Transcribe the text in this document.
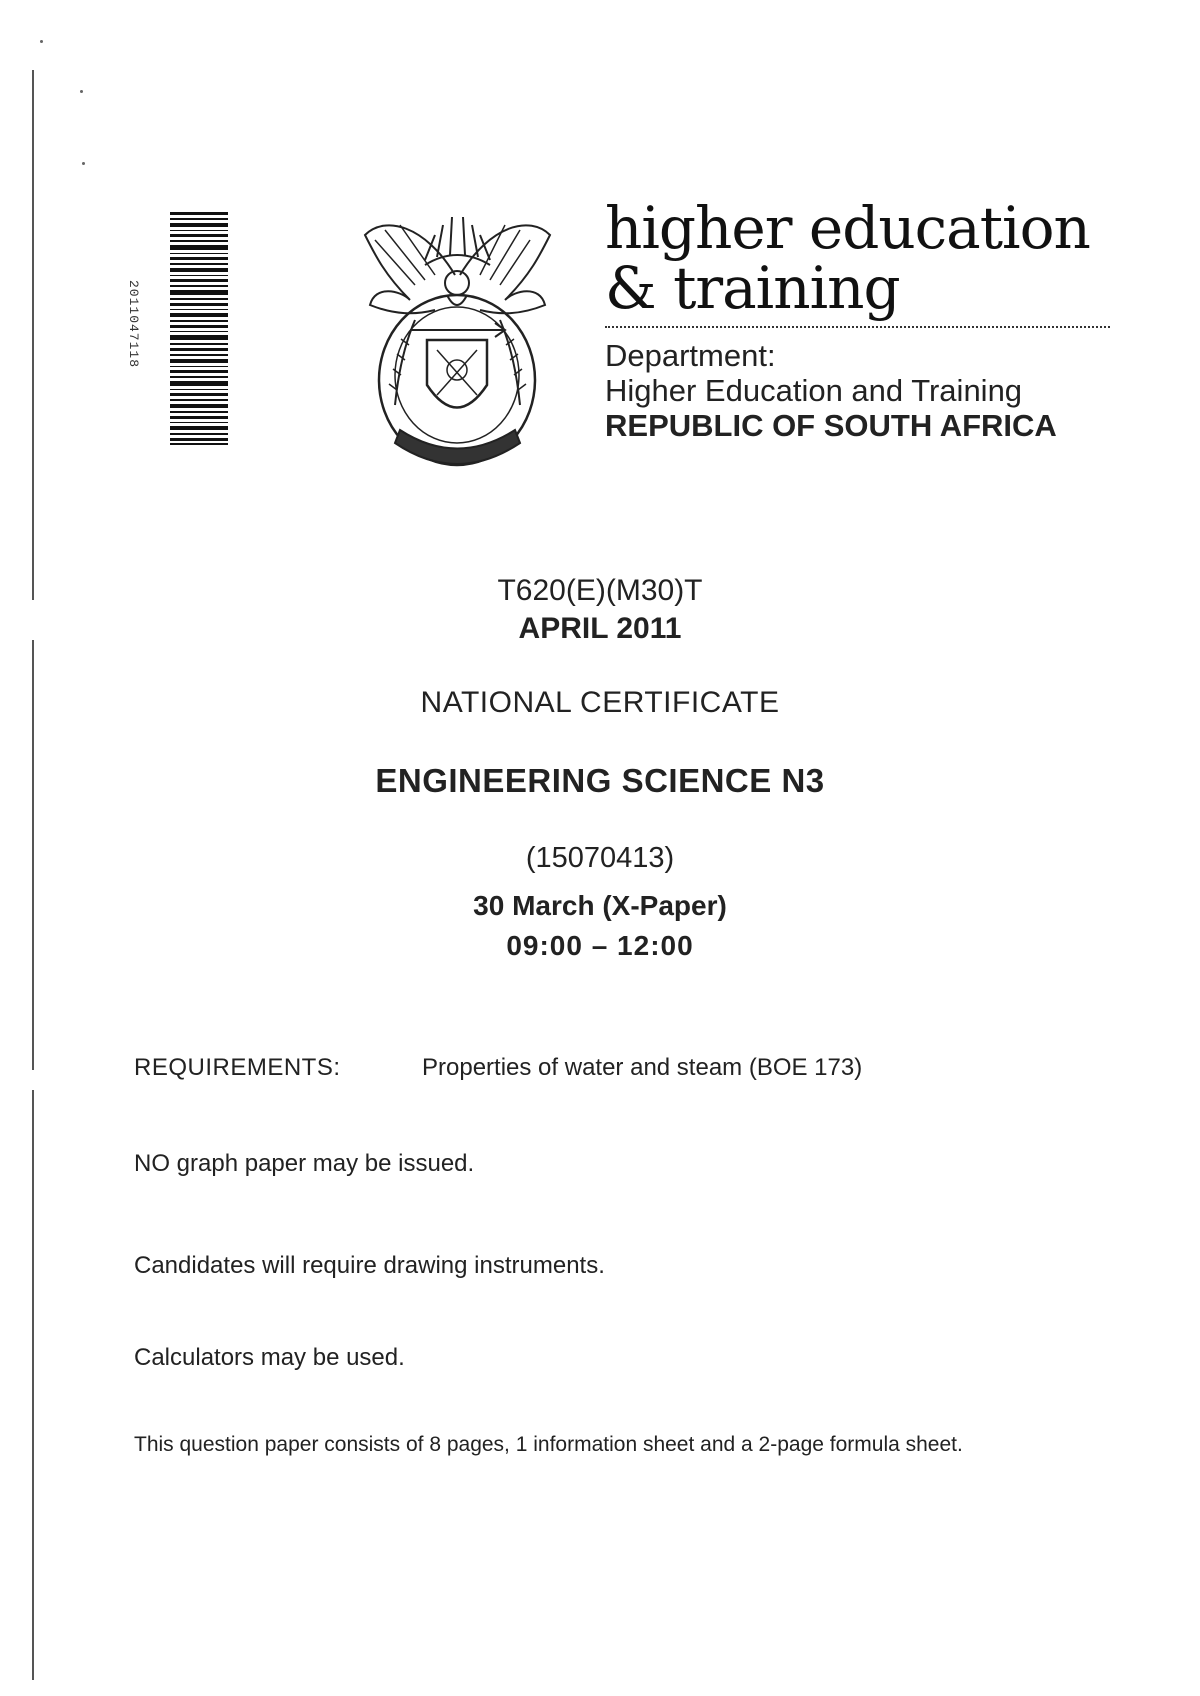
2011047118
higher education
& training
Department:
Higher Education and Training
REPUBLIC OF SOUTH AFRICA
T620(E)(M30)T
APRIL 2011
NATIONAL CERTIFICATE
ENGINEERING SCIENCE N3
(15070413)
30 March (X-Paper)
09:00 – 12:00
REQUIREMENTS:	Properties of water and steam (BOE 173)
NO graph paper may be issued.
Candidates will require drawing instruments.
Calculators may be used.
This question paper consists of 8 pages, 1 information sheet and a 2-page formula sheet.
